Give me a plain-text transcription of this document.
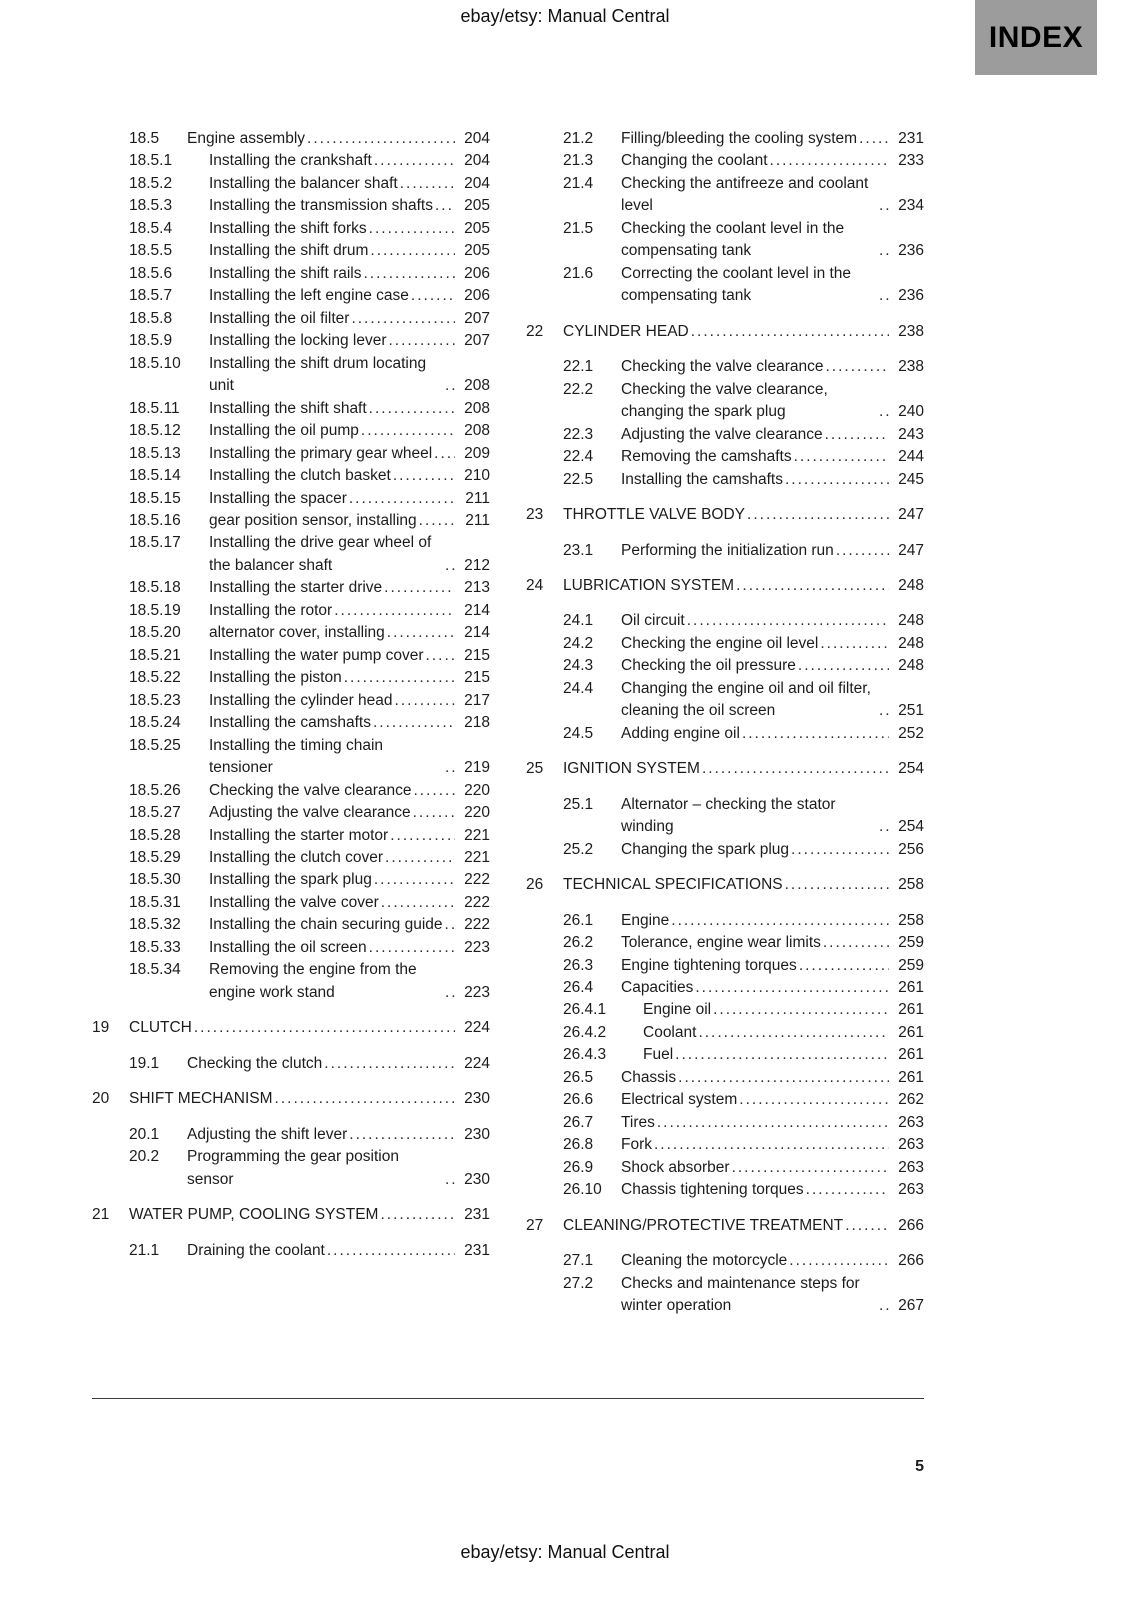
ebay/etsy: Manual Central
INDEX
18.5	Engine assembly .....	204
18.5.1	Installing the crankshaft .....	204
18.5.2	Installing the balancer shaft .....	204
18.5.3	Installing the transmission shafts .....	205
18.5.4	Installing the shift forks .....	205
18.5.5	Installing the shift drum .....	205
18.5.6	Installing the shift rails .....	206
18.5.7	Installing the left engine case .....	206
18.5.8	Installing the oil filter .....	207
18.5.9	Installing the locking lever .....	207
18.5.10	Installing the shift drum locating unit .....	208
18.5.11	Installing the shift shaft .....	208
18.5.12	Installing the oil pump .....	208
18.5.13	Installing the primary gear wheel .....	209
18.5.14	Installing the clutch basket .....	210
18.5.15	Installing the spacer .....	211
18.5.16	gear position sensor, installing .....	211
18.5.17	Installing the drive gear wheel of the balancer shaft .....	212
18.5.18	Installing the starter drive .....	213
18.5.19	Installing the rotor .....	214
18.5.20	alternator cover, installing .....	214
18.5.21	Installing the water pump cover .....	215
18.5.22	Installing the piston .....	215
18.5.23	Installing the cylinder head .....	217
18.5.24	Installing the camshafts .....	218
18.5.25	Installing the timing chain tensioner .....	219
18.5.26	Checking the valve clearance .....	220
18.5.27	Adjusting the valve clearance .....	220
18.5.28	Installing the starter motor .....	221
18.5.29	Installing the clutch cover .....	221
18.5.30	Installing the spark plug .....	222
18.5.31	Installing the valve cover .....	222
18.5.32	Installing the chain securing guide .....	222
18.5.33	Installing the oil screen .....	223
18.5.34	Removing the engine from the engine work stand .....	223
19	CLUTCH .....	224
19.1	Checking the clutch .....	224
20	SHIFT MECHANISM .....	230
20.1	Adjusting the shift lever .....	230
20.2	Programming the gear position sensor .....	230
21	WATER PUMP, COOLING SYSTEM .....	231
21.1	Draining the coolant .....	231
21.2	Filling/bleeding the cooling system .....	231
21.3	Changing the coolant .....	233
21.4	Checking the antifreeze and coolant level .....	234
21.5	Checking the coolant level in the compensating tank .....	236
21.6	Correcting the coolant level in the compensating tank .....	236
22	CYLINDER HEAD .....	238
22.1	Checking the valve clearance .....	238
22.2	Checking the valve clearance, changing the spark plug .....	240
22.3	Adjusting the valve clearance .....	243
22.4	Removing the camshafts .....	244
22.5	Installing the camshafts .....	245
23	THROTTLE VALVE BODY .....	247
23.1	Performing the initialization run .....	247
24	LUBRICATION SYSTEM .....	248
24.1	Oil circuit .....	248
24.2	Checking the engine oil level .....	248
24.3	Checking the oil pressure .....	248
24.4	Changing the engine oil and oil filter, cleaning the oil screen .....	251
24.5	Adding engine oil .....	252
25	IGNITION SYSTEM .....	254
25.1	Alternator – checking the stator winding .....	254
25.2	Changing the spark plug .....	256
26	TECHNICAL SPECIFICATIONS .....	258
26.1	Engine .....	258
26.2	Tolerance, engine wear limits .....	259
26.3	Engine tightening torques .....	259
26.4	Capacities .....	261
26.4.1	Engine oil .....	261
26.4.2	Coolant .....	261
26.4.3	Fuel .....	261
26.5	Chassis .....	261
26.6	Electrical system .....	262
26.7	Tires .....	263
26.8	Fork .....	263
26.9	Shock absorber .....	263
26.10	Chassis tightening torques .....	263
27	CLEANING/PROTECTIVE TREATMENT .....	266
27.1	Cleaning the motorcycle .....	266
27.2	Checks and maintenance steps for winter operation .....	267
5
ebay/etsy: Manual Central
